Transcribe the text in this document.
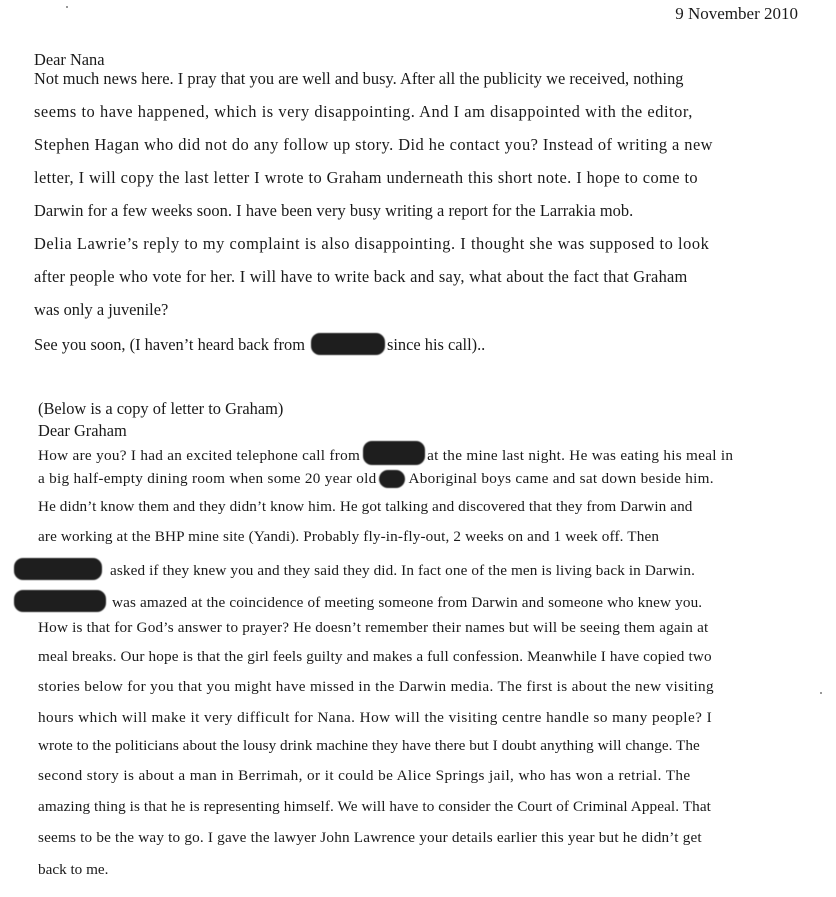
9 November 2010
Dear Nana
Not much news here. I pray that you are well and busy. After all the publicity we received, nothing
seems to have happened, which is very disappointing. And I am disappointed with the editor,
Stephen Hagan who did not do any follow up story. Did he contact you? Instead of writing a new
letter, I will copy the last letter I wrote to Graham underneath this short note. I hope to come to
Darwin for a few weeks soon. I have been very busy writing a report for the Larrakia mob.
Delia Lawrie’s reply to my complaint is also disappointing. I thought she was supposed to look
after people who vote for her. I will have to write back and say, what about the fact that Graham
was only a juvenile?
See you soon, (I haven’t heard back from	since his call)..
(Below is a copy of letter to Graham)
Dear Graham
How are you? I had an excited telephone call from	at the mine last night. He was eating his meal in
a big half-empty dining room when some 20 year old Aboriginal boys came and sat down beside him.
He didn’t know them and they didn’t know him. He got talking and discovered that they from Darwin and
are working at the BHP mine site (Yandi). Probably fly-in-fly-out, 2 weeks on and 1 week off. Then
asked if they knew you and they said they did. In fact one of the men is living back in Darwin.
was amazed at the coincidence of meeting someone from Darwin and someone who knew you.
How is that for God’s answer to prayer? He doesn’t remember their names but will be seeing them again at
meal breaks. Our hope is that the girl feels guilty and makes a full confession. Meanwhile I have copied two
stories below for you that you might have missed in the Darwin media. The first is about the new visiting
hours which will make it very difficult for Nana. How will the visiting centre handle so many people? I
wrote to the politicians about the lousy drink machine they have there but I doubt anything will change. The
second story is about a man in Berrimah, or it could be Alice Springs jail, who has won a retrial. The
amazing thing is that he is representing himself. We will have to consider the Court of Criminal Appeal. That
seems to be the way to go. I gave the lawyer John Lawrence your details earlier this year but he didn’t get
back to me.
